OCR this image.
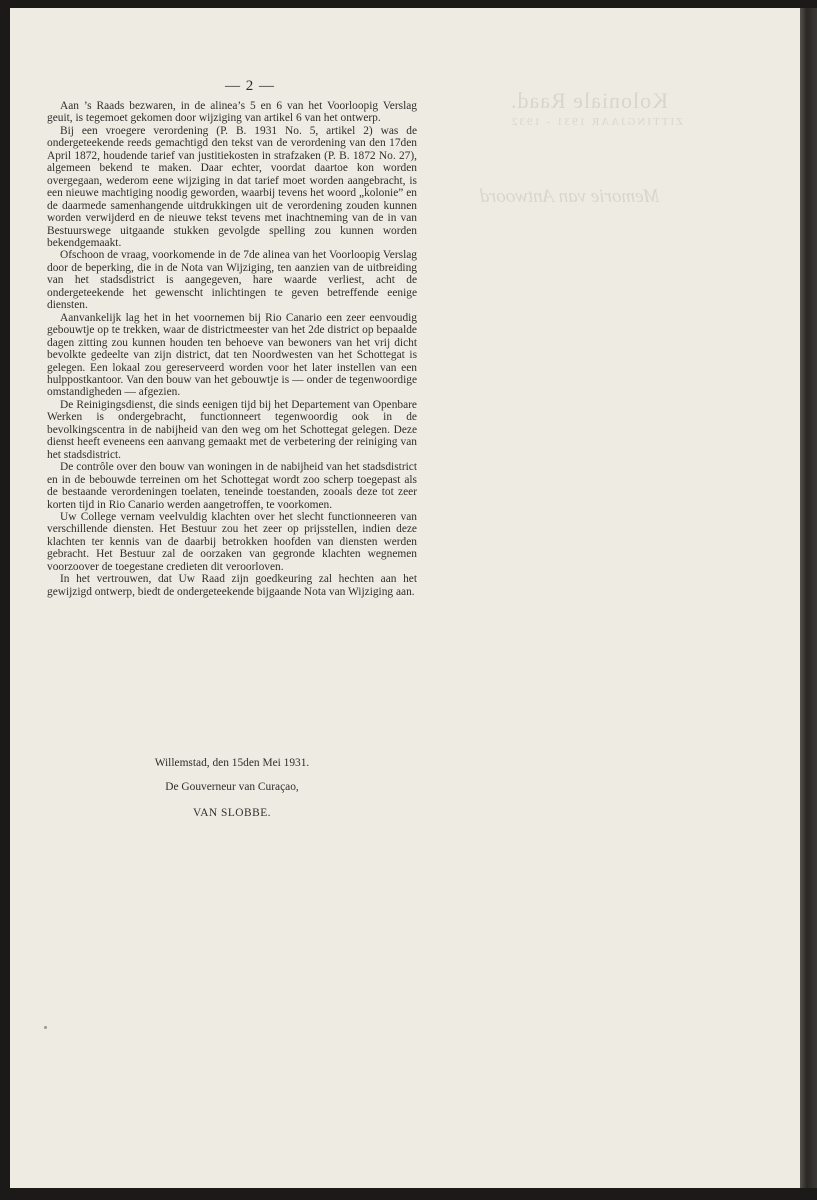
Koloniale Raad.
ZITTINGJAAR 1931 - 1932
Memorie van Antwoord
— 2 —

Aan ’s Raads bezwaren, in de alinea’s 5 en 6 van het Voorloopig Verslag geuit, is tegemoet gekomen door wijziging van artikel 6 van het ontwerp.

Bij een vroegere verordening (P. B. 1931 No. 5, artikel 2) was de ondergeteekende reeds gemachtigd den tekst van de verordening van den 17den April 1872, houdende tarief van justitiekosten in strafzaken (P. B. 1872 No. 27), algemeen bekend te maken. Daar echter, voordat daartoe kon worden overgegaan, wederom eene wijziging in dat tarief moet worden aangebracht, is een nieuwe machtiging noodig geworden, waarbij tevens het woord „kolonie” en de daarmede samenhangende uitdrukkingen uit de verordening zouden kunnen worden verwijderd en de nieuwe tekst tevens met inachtneming van de in van Bestuurswege uitgaande stukken gevolgde spelling zou kunnen worden bekendgemaakt.

Ofschoon de vraag, voorkomende in de 7de alinea van het Voorloopig Verslag door de beperking, die in de Nota van Wijziging, ten aanzien van de uitbreiding van het stadsdistrict is aangegeven, hare waarde verliest, acht de ondergeteekende het gewenscht inlichtingen te geven betreffende eenige diensten.

Aanvankelijk lag het in het voornemen bij Rio Canario een zeer eenvoudig gebouwtje op te trekken, waar de districtmeester van het 2de district op bepaalde dagen zitting zou kunnen houden ten behoeve van bewoners van het vrij dicht bevolkte gedeelte van zijn district, dat ten Noordwesten van het Schottegat is gelegen. Een lokaal zou gereserveerd worden voor het later instellen van een hulppostkantoor. Van den bouw van het gebouwtje is — onder de tegenwoordige omstandigheden — afgezien.

De Reinigingsdienst, die sinds eenigen tijd bij het Departement van Openbare Werken is ondergebracht, functionneert tegenwoordig ook in de bevolkingscentra in de nabijheid van den weg om het Schottegat gelegen. Deze dienst heeft eveneens een aanvang gemaakt met de verbetering der reiniging van het stadsdistrict.

De contrôle over den bouw van woningen in de nabijheid van het stadsdistrict en in de bebouwde terreinen om het Schottegat wordt zoo scherp toegepast als de bestaande verordeningen toelaten, teneinde toestanden, zooals deze tot zeer korten tijd in Rio Canario werden aangetroffen, te voorkomen.

Uw College vernam veelvuldig klachten over het slecht functionneeren van verschillende diensten. Het Bestuur zou het zeer op prijsstellen, indien deze klachten ter kennis van de daarbij betrokken hoofden van diensten werden gebracht. Het Bestuur zal de oorzaken van gegronde klachten wegnemen voorzoover de toegestane credieten dit veroorloven.

In het vertrouwen, dat Uw Raad zijn goedkeuring zal hechten aan het gewijzigd ontwerp, biedt de ondergeteekende bijgaande Nota van Wijziging aan.

Willemstad, den 15den Mei 1931.
De Gouverneur van Curaçao,
VAN SLOBBE.
